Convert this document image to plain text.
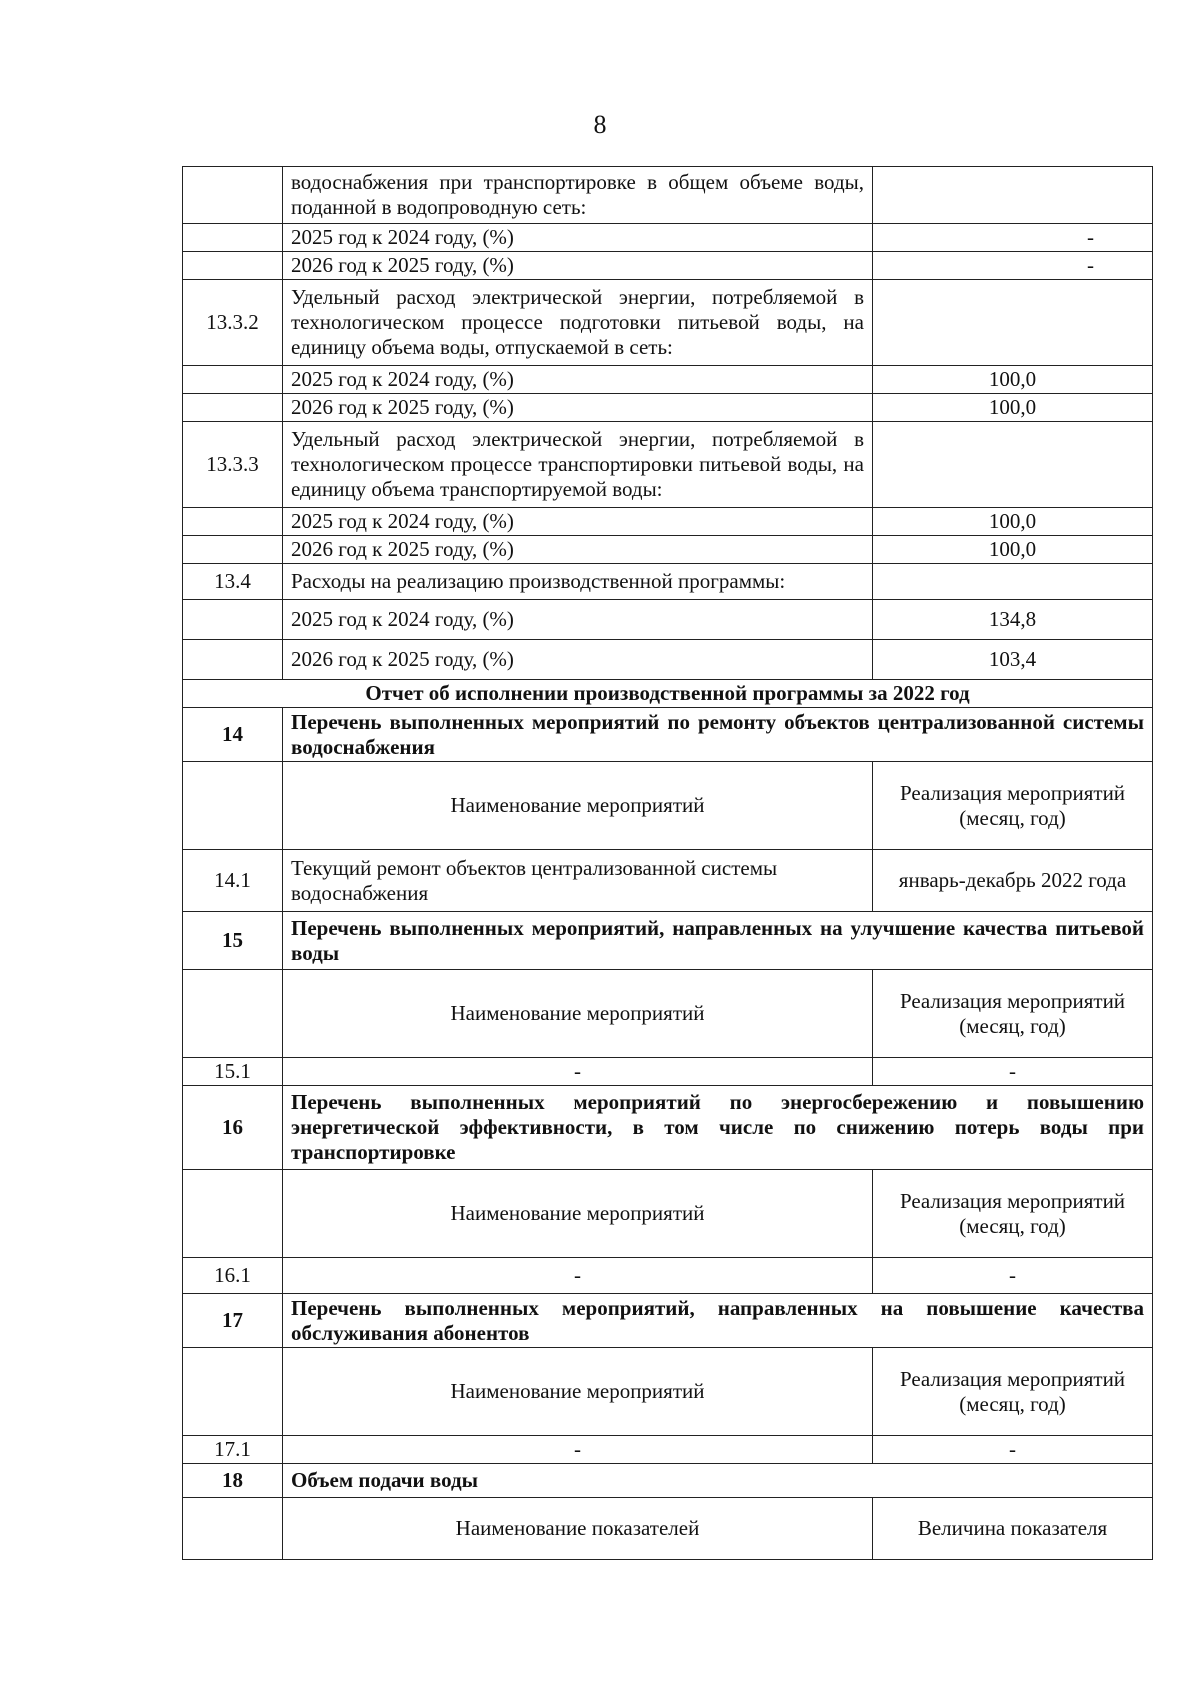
8
	водоснабжения при транспортировке в общем объеме воды, поданной в водопроводную сеть:	
	2025 год к 2024 году, (%)	-
	2026 год к 2025 году, (%)	-
13.3.2	Удельный расход электрической энергии, потребляемой в технологическом процессе подготовки питьевой воды, на единицу объема воды, отпускаемой в сеть:	
	2025 год к 2024 году, (%)	100,0
	2026 год к 2025 году, (%)	100,0
13.3.3	Удельный расход электрической энергии, потребляемой в технологическом процессе транспортировки питьевой воды, на единицу объема транспортируемой воды:	
	2025 год к 2024 году, (%)	100,0
	2026 год к 2025 году, (%)	100,0
13.4	Расходы на реализацию производственной программы:	
	2025 год к 2024 году, (%)	134,8
	2026 год к 2025 году, (%)	103,4
Отчет об исполнении производственной программы за 2022 год		
14	Перечень выполненных мероприятий по ремонту объектов централизованной системы водоснабжения	
	Наименование мероприятий	Реализация мероприятий (месяц, год)
14.1	Текущий ремонт объектов централизованной системы водоснабжения	январь-декабрь 2022 года
15	Перечень выполненных мероприятий, направленных на улучшение качества питьевой воды	
	Наименование мероприятий	Реализация мероприятий (месяц, год)
15.1	-	-
16	Перечень выполненных мероприятий по энергосбережению и повышению энергетической эффективности, в том числе по снижению потерь воды при транспортировке	
	Наименование мероприятий	Реализация мероприятий (месяц, год)
16.1	-	-
17	Перечень выполненных мероприятий, направленных на повышение качества обслуживания абонентов	
	Наименование мероприятий	Реализация мероприятий (месяц, год)
17.1	-	-
18	Объем подачи воды	
	Наименование показателей	Величина показателя
